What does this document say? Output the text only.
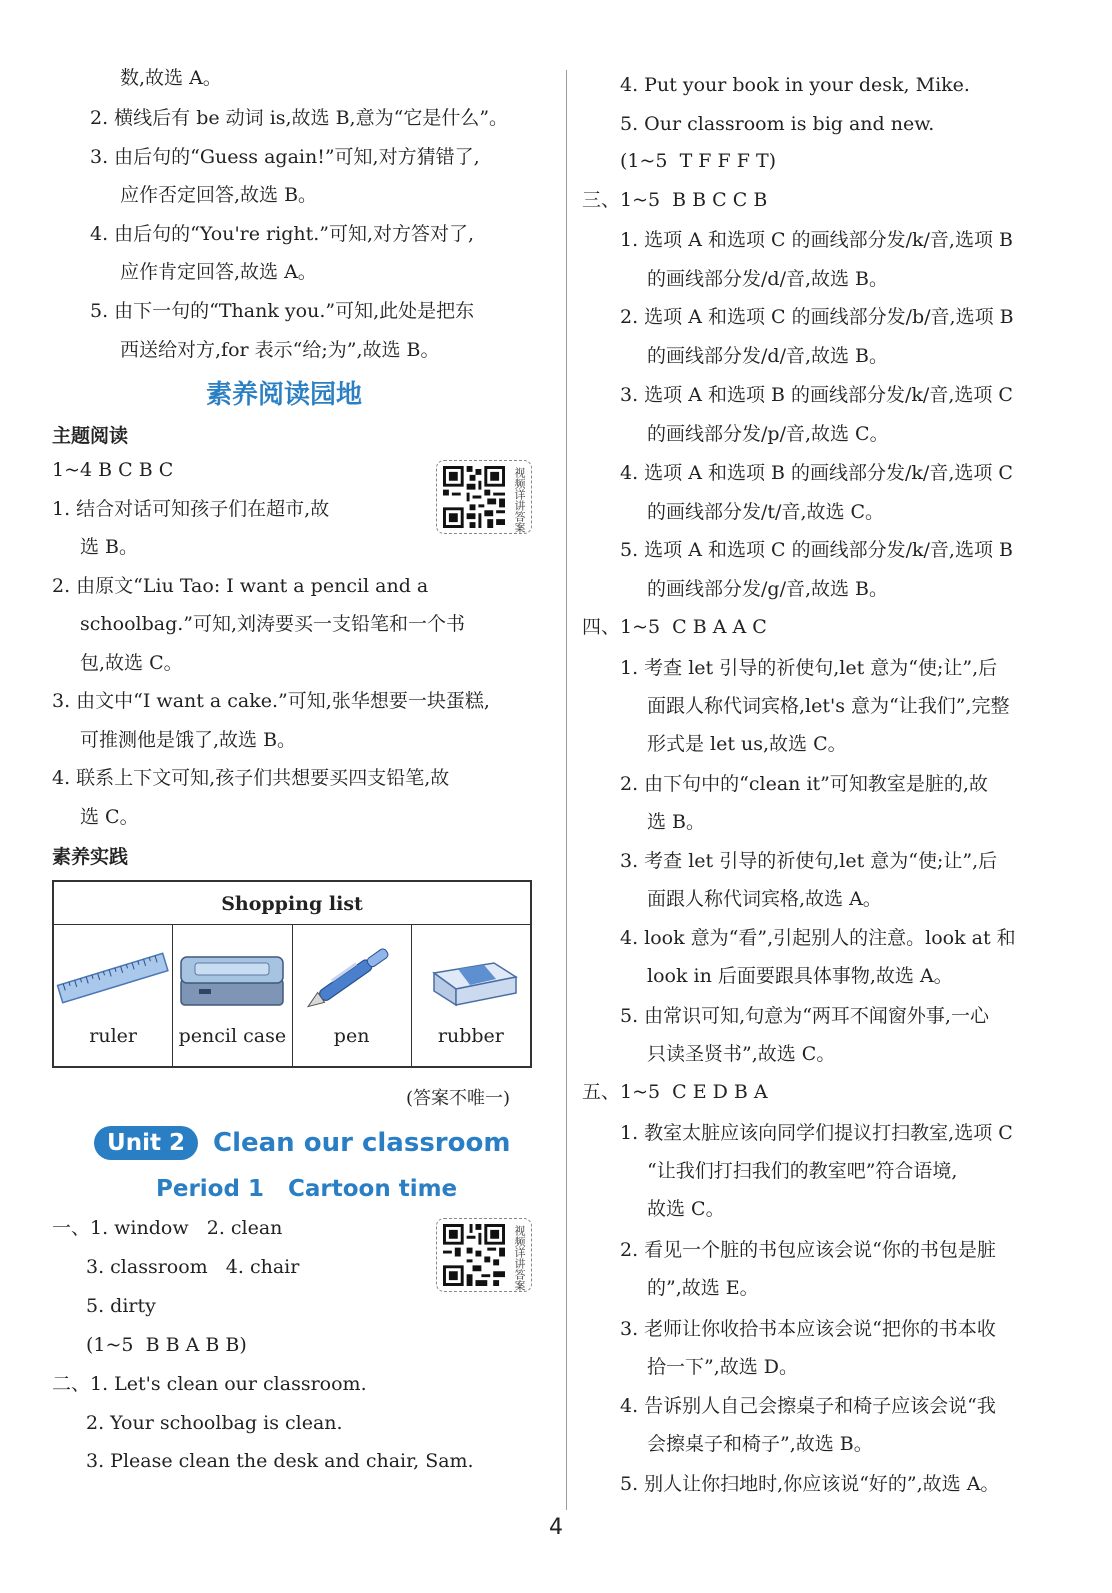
数,故选 A。
2. 横线后有 be 动词 is,故选 B,意为“它是什么”。
3. 由后句的“Guess again!”可知,对方猜错了,
应作否定回答,故选 B。
4. 由后句的“You're right.”可知,对方答对了,
应作肯定回答,故选 A。
5. 由下一句的“Thank you.”可知,此处是把东
西送给对方,for 表示“给;为”,故选 B。
素养阅读园地
主题阅读
1~4 B C B C
1. 结合对话可知孩子们在超市,故
选 B。
2. 由原文“Liu Tao: I want a pencil and a
schoolbag.”可知,刘涛要买一支铅笔和一个书
包,故选 C。
3. 由文中“I want a cake.”可知,张华想要一块蛋糕,
可推测他是饿了,故选 B。
4. 联系上下文可知,孩子们共想要买四支铅笔,故
选 C。
视频详讲答案
素养实践
Shopping list
ruler	pencil case	pen	rubber
(答案不唯一)
Unit 2	Clean our classroom
Period 1   Cartoon time
一、1. window   2. clean
3. classroom   4. chair
5. dirty
(1~5  B B A B B)
二、1. Let's clean our classroom.
2. Your schoolbag is clean.
3. Please clean the desk and chair, Sam.
视频详讲答案
4. Put your book in your desk, Mike.
5. Our classroom is big and new.
(1~5  T F F F T)
三、1~5  B B C C B
1. 选项 A 和选项 C 的画线部分发/k/音,选项 B
的画线部分发/d/音,故选 B。
2. 选项 A 和选项 C 的画线部分发/b/音,选项 B
的画线部分发/d/音,故选 B。
3. 选项 A 和选项 B 的画线部分发/k/音,选项 C
的画线部分发/p/音,故选 C。
4. 选项 A 和选项 B 的画线部分发/k/音,选项 C
的画线部分发/t/音,故选 C。
5. 选项 A 和选项 C 的画线部分发/k/音,选项 B
的画线部分发/g/音,故选 B。
四、1~5  C B A A C
1. 考查 let 引导的祈使句,let 意为“使;让”,后
面跟人称代词宾格,let's 意为“让我们”,完整
形式是 let us,故选 C。
2. 由下句中的“clean it”可知教室是脏的,故
选 B。
3. 考查 let 引导的祈使句,let 意为“使;让”,后
面跟人称代词宾格,故选 A。
4. look 意为“看”,引起别人的注意。look at 和
look in 后面要跟具体事物,故选 A。
5. 由常识可知,句意为“两耳不闻窗外事,一心
只读圣贤书”,故选 C。
五、1~5  C E D B A
1. 教室太脏应该向同学们提议打扫教室,选项 C
“让我们打扫我们的教室吧”符合语境,
故选 C。
2. 看见一个脏的书包应该会说“你的书包是脏
的”,故选 E。
3. 老师让你收拾书本应该会说“把你的书本收
拾一下”,故选 D。
4. 告诉别人自己会擦桌子和椅子应该会说“我
会擦桌子和椅子”,故选 B。
5. 别人让你扫地时,你应该说“好的”,故选 A。
4
